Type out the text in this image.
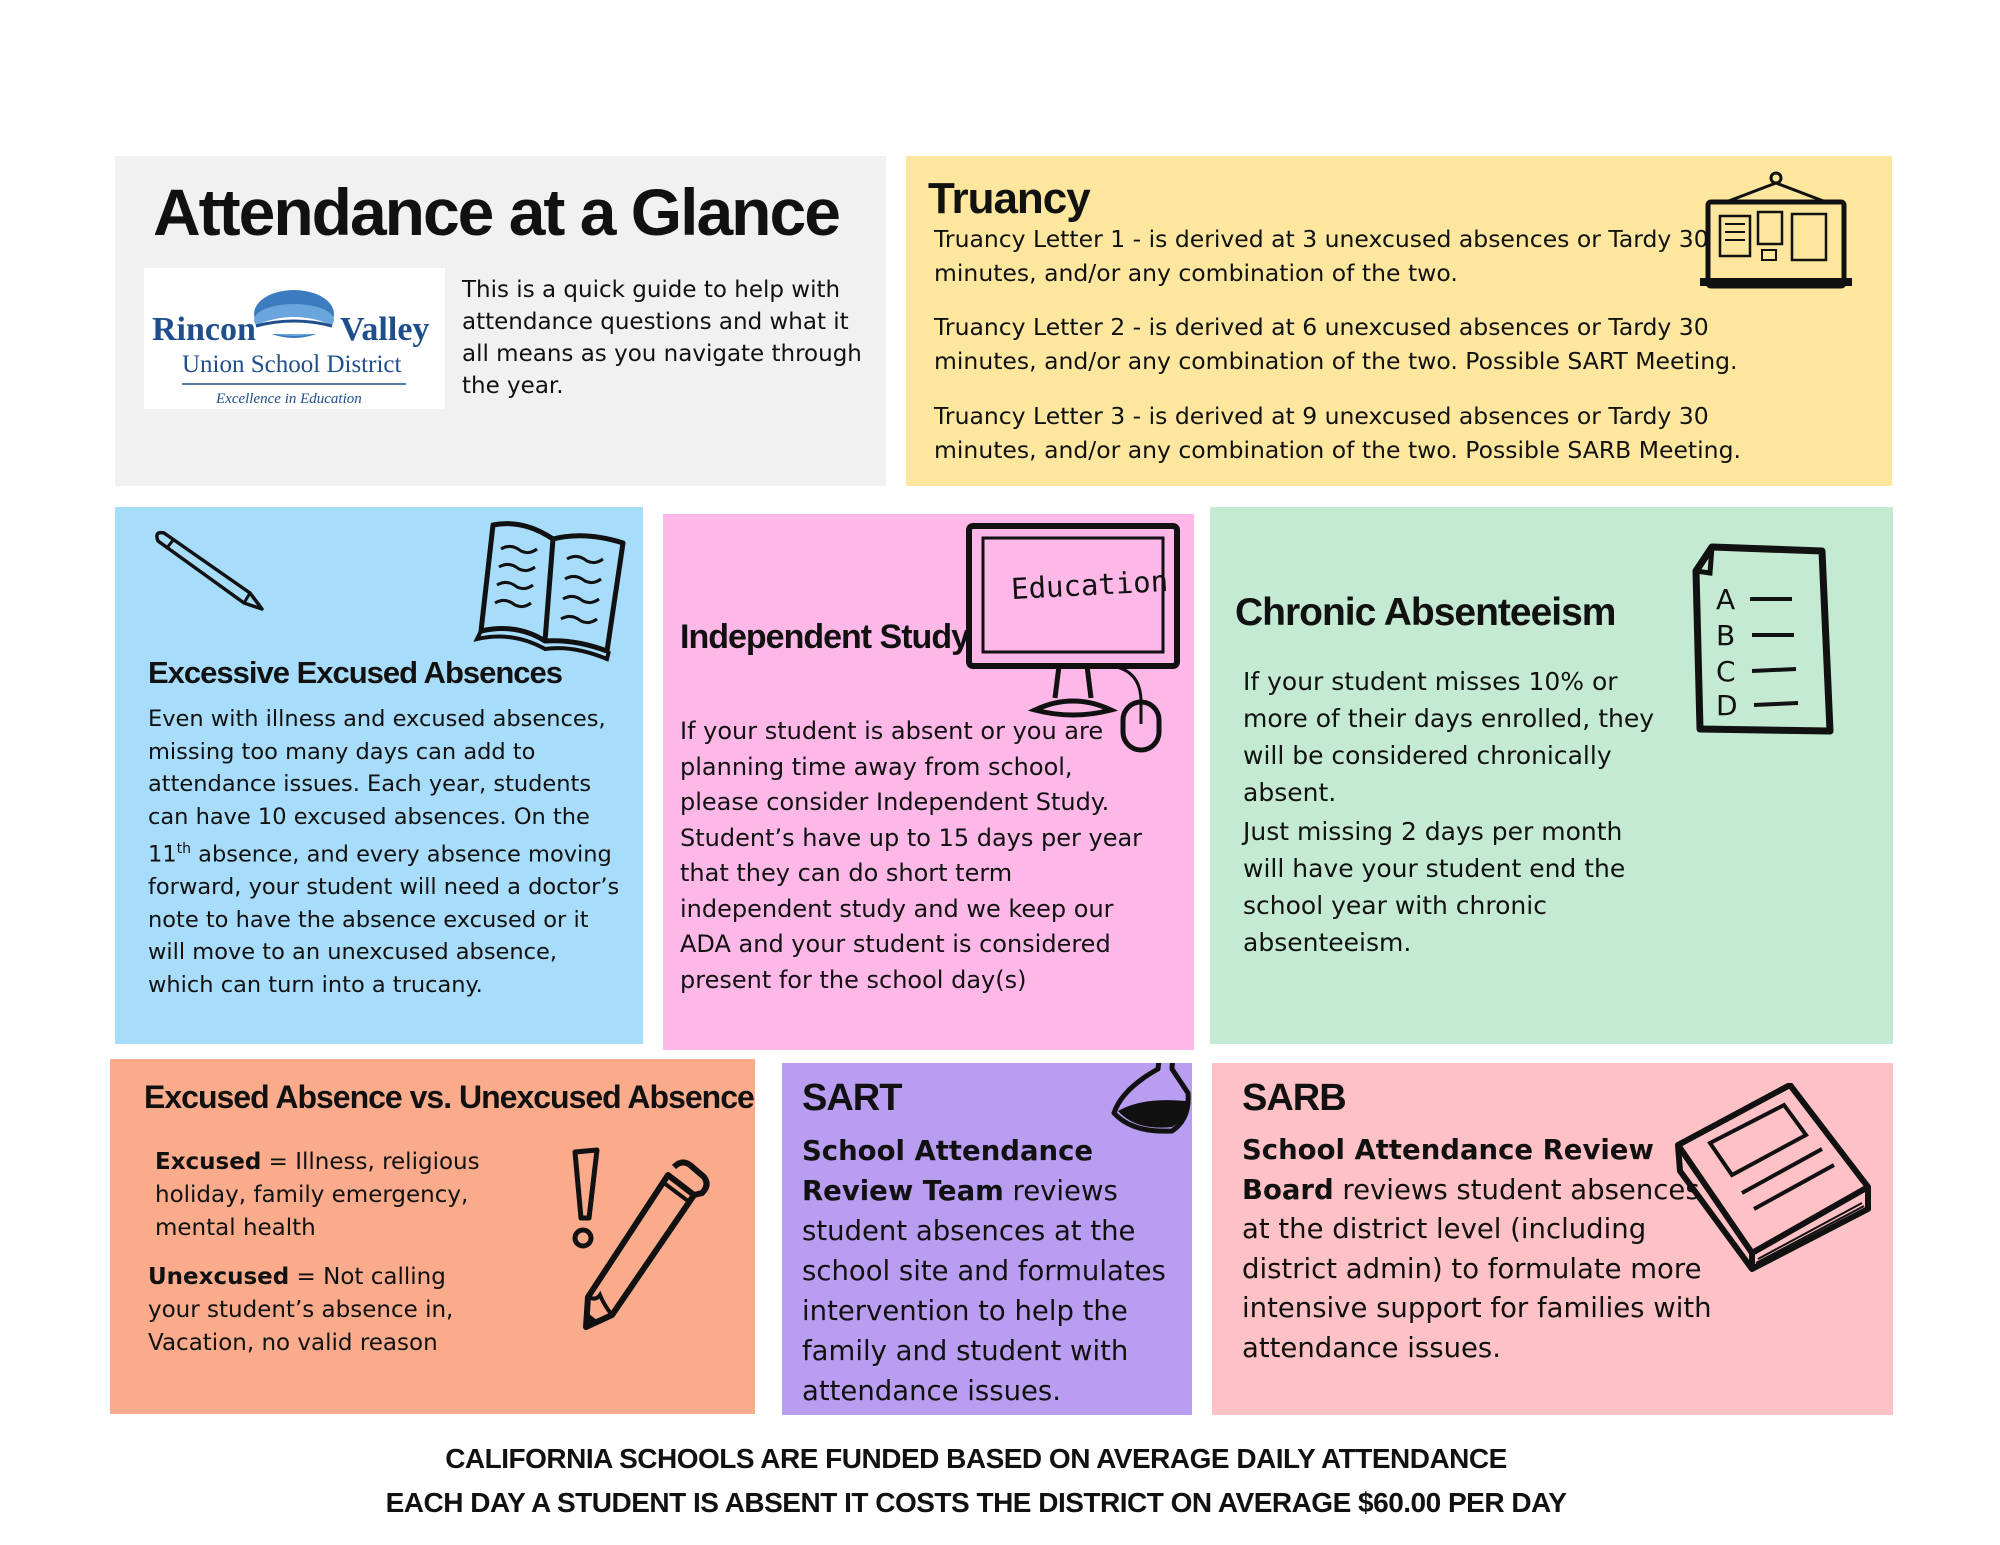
Attendance at a Glance
Rincon Valley
Union School District
Excellence in Education

This is a quick guide to help with attendance questions and what it all means as you navigate through the year.

Truancy

Truancy Letter 1 - is derived at 3 unexcused absences or Tardy 30 minutes, and/or any combination of the two.

Truancy Letter 2 - is derived at 6 unexcused absences or Tardy 30 minutes, and/or any combination of the two. Possible SART Meeting.

Truancy Letter 3 - is derived at 9 unexcused absences or Tardy 30 minutes, and/or any combination of the two. Possible SARB Meeting.

Excessive Excused Absences

Even with illness and excused absences, missing too many days can add to attendance issues. Each year, students can have 10 excused absences. On the 11th absence, and every absence moving forward, your student will need a doctor’s note to have the absence excused or it will move to an unexcused absence, which can turn into a trucany.

Education
Independent Study

If your student is absent or you are planning time away from school, please consider Independent Study. Student’s have up to 15 days per year that they can do short term independent study and we keep our ADA and your student is considered present for the school day(s)

Chronic Absenteeism

If your student misses 10% or more of their days enrolled, they will be considered chronically absent.

Just missing 2 days per month will have your student end the school year with chronic absenteeism.

A
B
C
D
Excused Absence vs. Unexcused Absence

Excused = Illness, religious holiday, family emergency, mental health

Unexcused = Not calling your student’s absence in, Vacation, no valid reason

SART

School Attendance Review Team reviews student absences at the school site and formulates intervention to help the family and student with attendance issues.

SARB

School Attendance Review Board reviews student absences at the district level (including district admin) to formulate more intensive support for families with attendance issues.

CALIFORNIA SCHOOLS ARE FUNDED BASED ON AVERAGE DAILY ATTENDANCE
EACH DAY A STUDENT IS ABSENT IT COSTS THE DISTRICT ON AVERAGE $60.00 PER DAY
